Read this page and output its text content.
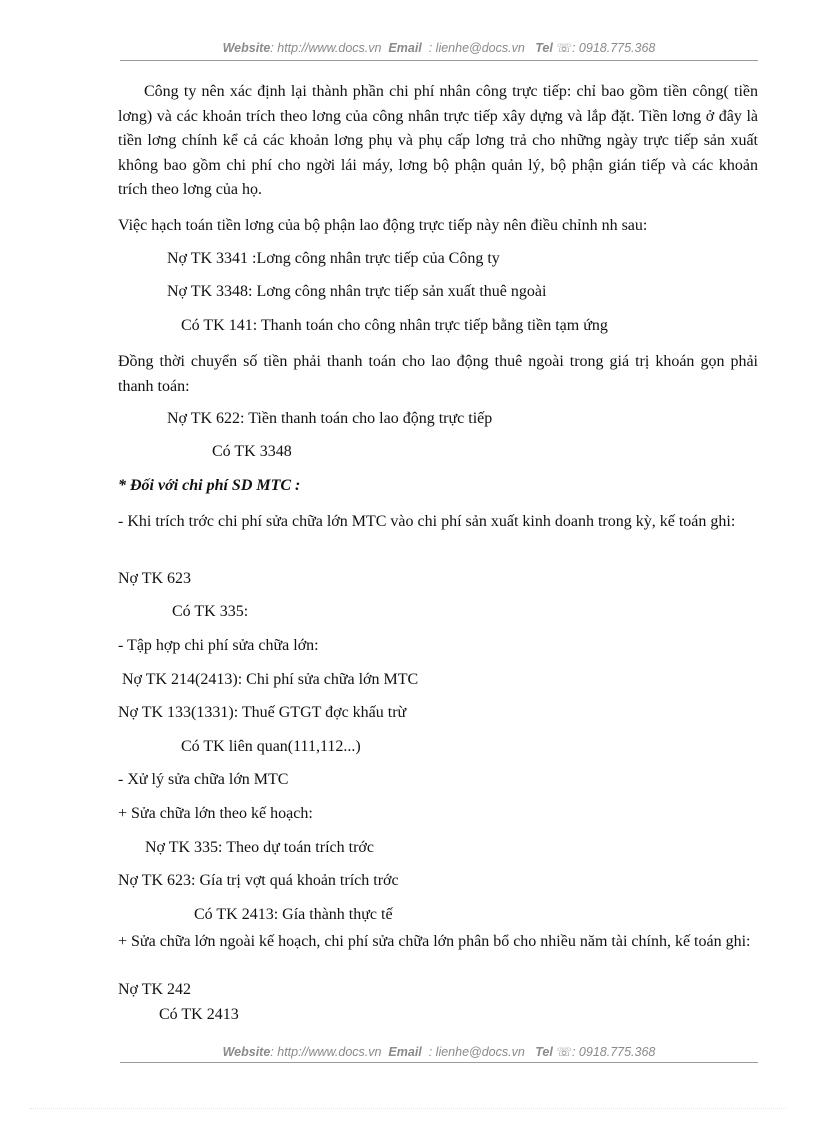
Website: http://www.docs.vn Email : lienhe@docs.vn Tel ☏: 0918.775.368
Công ty nên xác định lại thành phần chi phí nhân công trực tiếp: chỉ bao gồm tiền công( tiền lơng) và các khoản trích theo lơng của công nhân trực tiếp xây dựng và lắp đặt. Tiền lơng ở đây là tiền lơng chính kể cả các khoản lơng phụ và phụ cấp lơng trả cho những ngày trực tiếp sản xuất không bao gồm chi phí cho ngời lái máy, lơng bộ phận quản lý, bộ phận gián tiếp và các khoản trích theo lơng của họ.
Việc hạch toán tiền lơng của bộ phận lao động trực tiếp này nên điều chỉnh nh sau:
Nợ TK 3341 :Lơng công nhân trực tiếp của Công ty
Nợ TK 3348: Lơng công nhân trực tiếp sản xuất thuê ngoài
Có TK 141: Thanh toán cho công nhân trực tiếp bằng tiền tạm ứng
Đồng thời chuyển số tiền phải thanh toán cho lao động thuê ngoài trong giá trị khoán gọn phải thanh toán:
Nợ TK 622: Tiền thanh toán cho lao động trực tiếp
Có TK 3348
* Đối với chi phí SD MTC :
- Khi trích trớc chi phí sửa chữa lớn MTC vào chi phí sản xuất kinh doanh trong kỳ, kế toán ghi:
Nợ TK 623
Có TK 335:
- Tập hợp chi phí sửa chữa lớn:
Nợ TK 214(2413): Chi phí sửa chữa lớn MTC
Nợ TK 133(1331): Thuế GTGT đợc khấu trừ
Có TK liên quan(111,112...)
- Xử lý sửa chữa lớn MTC
+ Sửa chữa lớn theo kế hoạch:
Nợ TK 335: Theo dự toán trích trớc
Nợ TK 623: Gía trị vợt quá khoản trích trớc
Có TK 2413: Gía thành thực tế
+ Sửa chữa lớn ngoài kế hoạch, chi phí sửa chữa lớn phân bổ cho nhiều năm tài chính, kế toán ghi:
Nợ TK 242
Có TK 2413
Website: http://www.docs.vn Email : lienhe@docs.vn Tel ☏: 0918.775.368
